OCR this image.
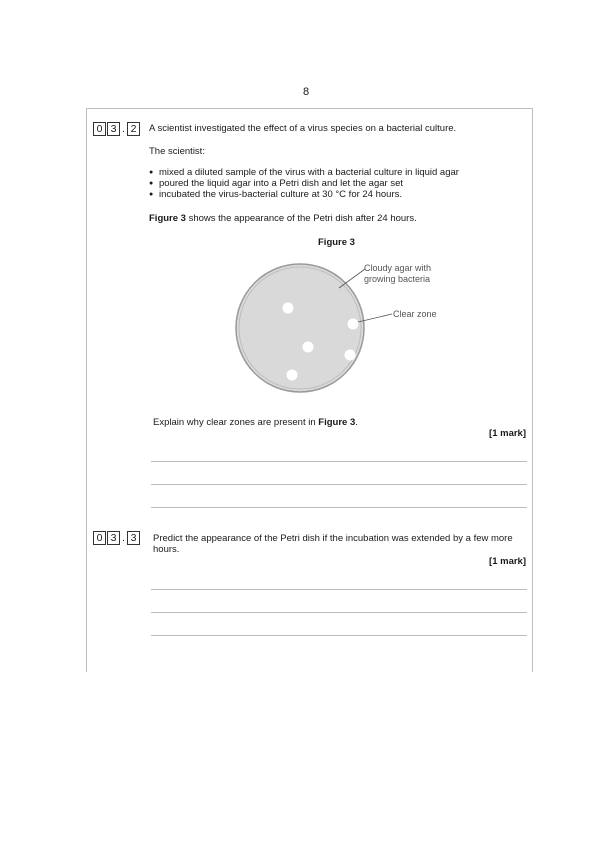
8
0 3 . 2	A scientist investigated the effect of a virus species on a bacterial culture.
The scientist:
● mixed a diluted sample of the virus with a bacterial culture in liquid agar
● poured the liquid agar into a Petri dish and let the agar set
● incubated the virus-bacterial culture at 30 °C for 24 hours.
Figure 3 shows the appearance of the Petri dish after 24 hours.
Figure 3
Cloudy agar with
growing bacteria
Clear zone
Explain why clear zones are present in Figure 3.
[1 mark]
0 3 . 3	Predict the appearance of the Petri dish if the incubation was extended by a few more
hours.
[1 mark]
